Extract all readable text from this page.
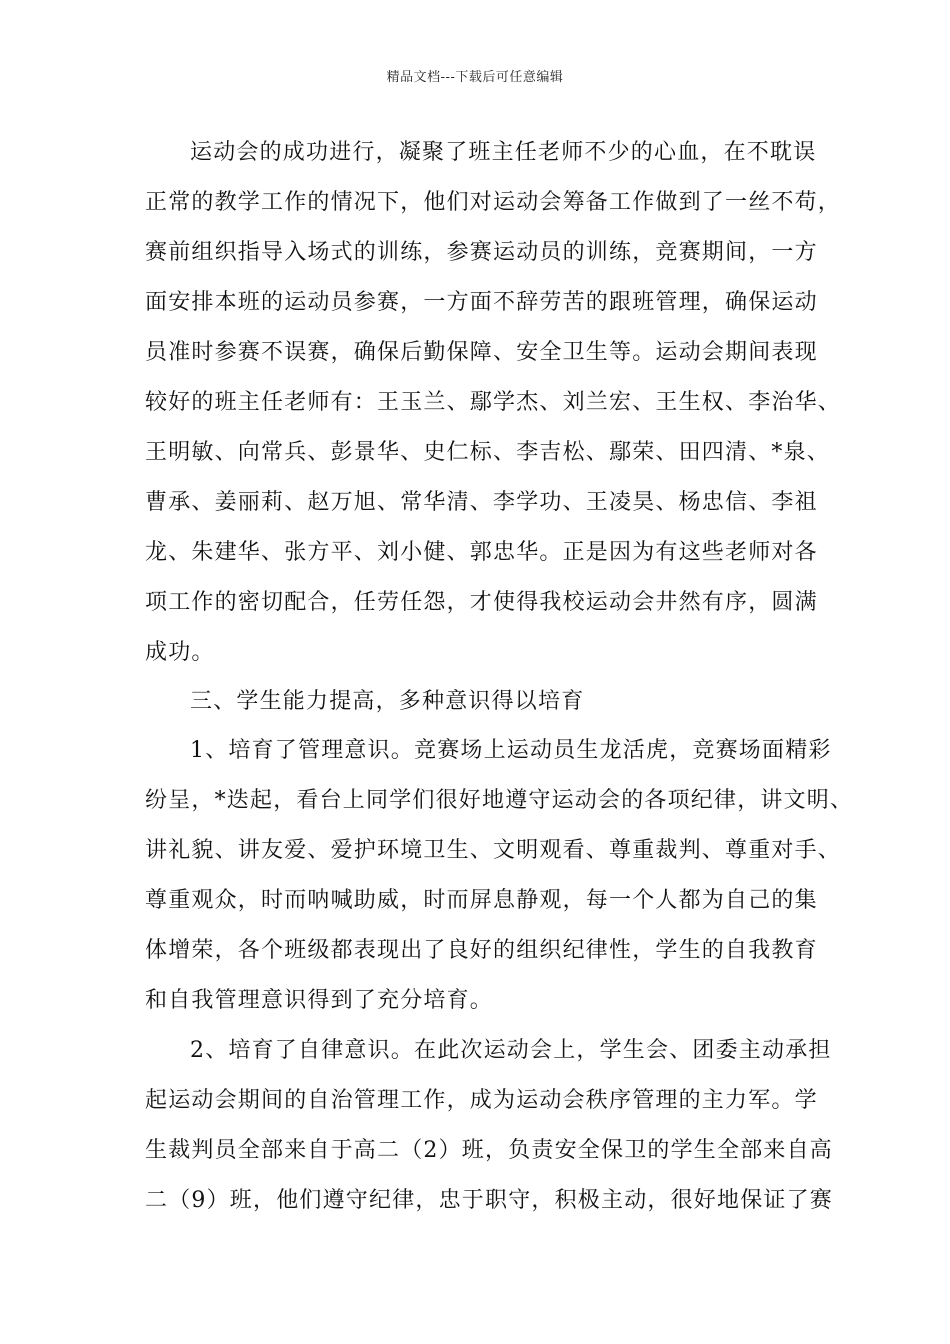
精品文档---下载后可任意编辑
运动会的成功进行，凝聚了班主任老师不少的心血，在不耽误
正常的教学工作的情况下，他们对运动会筹备工作做到了一丝不苟，
赛前组织指导入场式的训练，参赛运动员的训练，竞赛期间，一方
面安排本班的运动员参赛，一方面不辞劳苦的跟班管理，确保运动
员准时参赛不误赛，确保后勤保障、安全卫生等。运动会期间表现
较好的班主任老师有：王玉兰、鄢学杰、刘兰宏、王生权、李治华、
王明敏、向常兵、彭景华、史仁标、李吉松、鄢荣、田四清、*泉、
曹承、姜丽莉、赵万旭、常华清、李学功、王凌昊、杨忠信、李祖
龙、朱建华、张方平、刘小健、郭忠华。正是因为有这些老师对各
项工作的密切配合，任劳任怨，才使得我校运动会井然有序，圆满
成功。
三、学生能力提高，多种意识得以培育
1、培育了管理意识。竞赛场上运动员生龙活虎，竞赛场面精彩
纷呈，*迭起，看台上同学们很好地遵守运动会的各项纪律，讲文明、
讲礼貌、讲友爱、爱护环境卫生、文明观看、尊重裁判、尊重对手、
尊重观众，时而呐喊助威，时而屏息静观，每一个人都为自己的集
体增荣，各个班级都表现出了良好的组织纪律性，学生的自我教育
和自我管理意识得到了充分培育。
2、培育了自律意识。在此次运动会上，学生会、团委主动承担
起运动会期间的自治管理工作，成为运动会秩序管理的主力军。学
生裁判员全部来自于高二（2）班，负责安全保卫的学生全部来自高
二（9）班，他们遵守纪律，忠于职守，积极主动，很好地保证了赛
